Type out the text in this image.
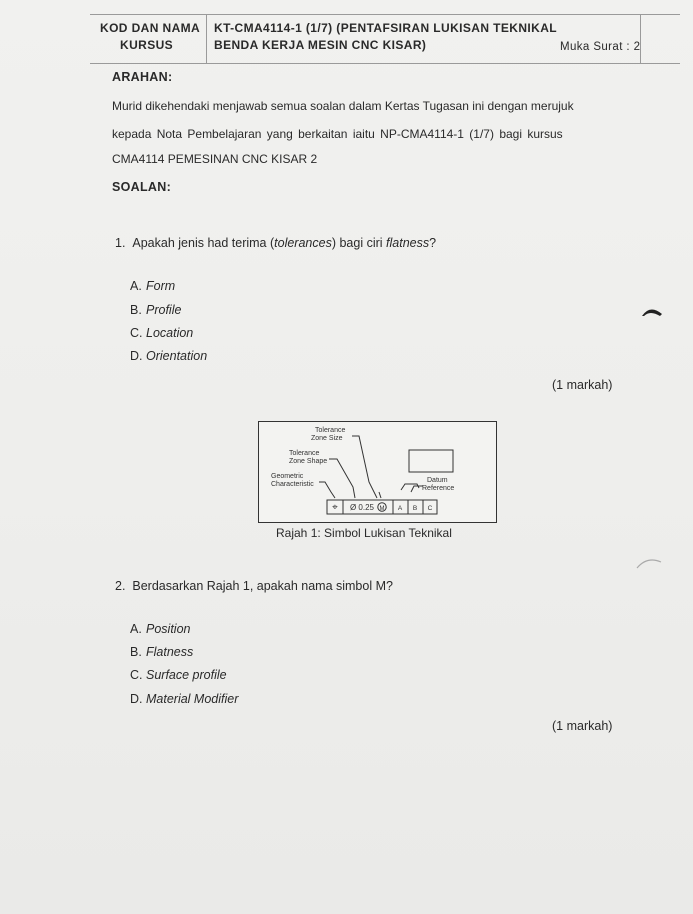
KOD DAN NAMA
KURSUS
KT-CMA4114-1 (1/7) (PENTAFSIRAN LUKISAN TEKNIKAL
BENDA KERJA MESIN CNC KISAR)	Muka Surat : 2
ARAHAN:
Murid dikehendaki menjawab semua soalan dalam Kertas Tugasan ini dengan merujuk
kepada Nota Pembelajaran yang berkaitan iaitu NP-CMA4114-1 (1/7) bagi kursus
CMA4114 PEMESINAN CNC KISAR 2
SOALAN:
1. Apakah jenis had terima (tolerances) bagi ciri flatness?
A. Form
B. Profile
C. Location
D. Orientation
(1 markah)
Tolerance
Zone Size
Tolerance
Zone Shape
Geometric
Characteristic
Datum
Reference
⌖ Ø 0.25 M A B C
Rajah 1: Simbol Lukisan Teknikal
2. Berdasarkan Rajah 1, apakah nama simbol M?
A. Position
B. Flatness
C. Surface profile
D. Material Modifier
(1 markah)
